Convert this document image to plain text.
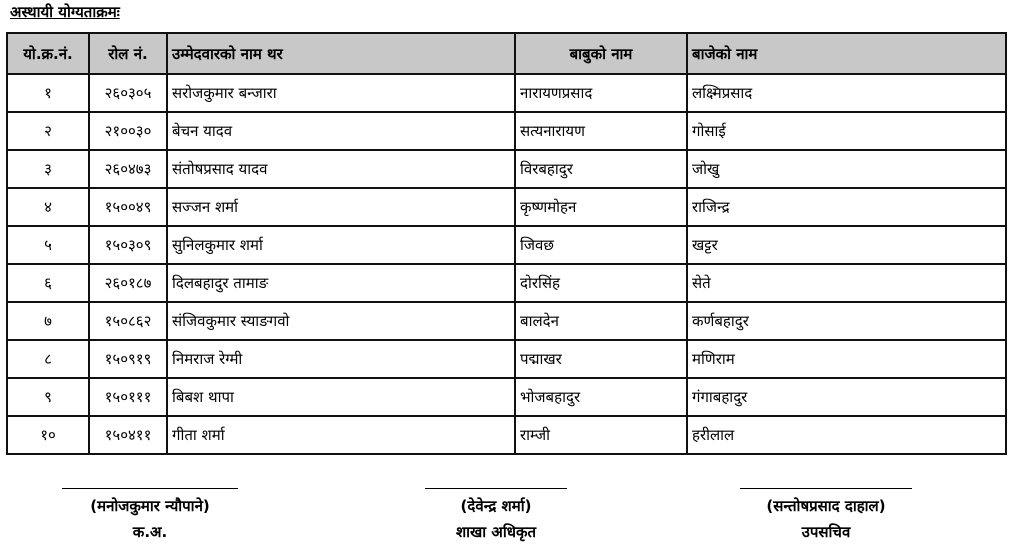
अस्थायी योग्यताक्रमः
यो.क्र.नं.	रोल नं.	उम्मेदवारको नाम थर	बाबुको नाम	बाजेको नाम
१	२६०३०५	सरोजकुमार बन्जारा	नारायणप्रसाद	लक्ष्मिप्रसाद
२	२१००३०	बेचन यादव	सत्यनारायण	गोसाई
३	२६०४७३	संतोषप्रसाद यादव	विरबहादुर	जोखु
४	१५००४९	सज्जन शर्मा	कृष्णमोहन	राजिन्द्र
५	१५०३०९	सुनिलकुमार शर्मा	जिवछ	खट्टर
६	२६०१८७	दिलबहादुर तामाङ	दोरसिंह	सेते
७	१५०८६२	संजिवकुमार स्याङगवो	बालदेन	कर्णबहादुर
८	१५०९१९	निमराज रेग्मी	पद्माखर	मणिराम
९	१५०१११	बिबश थापा	भोजबहादुर	गंगाबहादुर
१०	१५०४११	गीता शर्मा	राम्जी	हरीलाल
(मनोजकुमार न्यौपाने)
क.अ.
(देवेन्द्र शर्मा)
शाखा अधिकृत
(सन्तोषप्रसाद दाहाल)
उपसचिव
